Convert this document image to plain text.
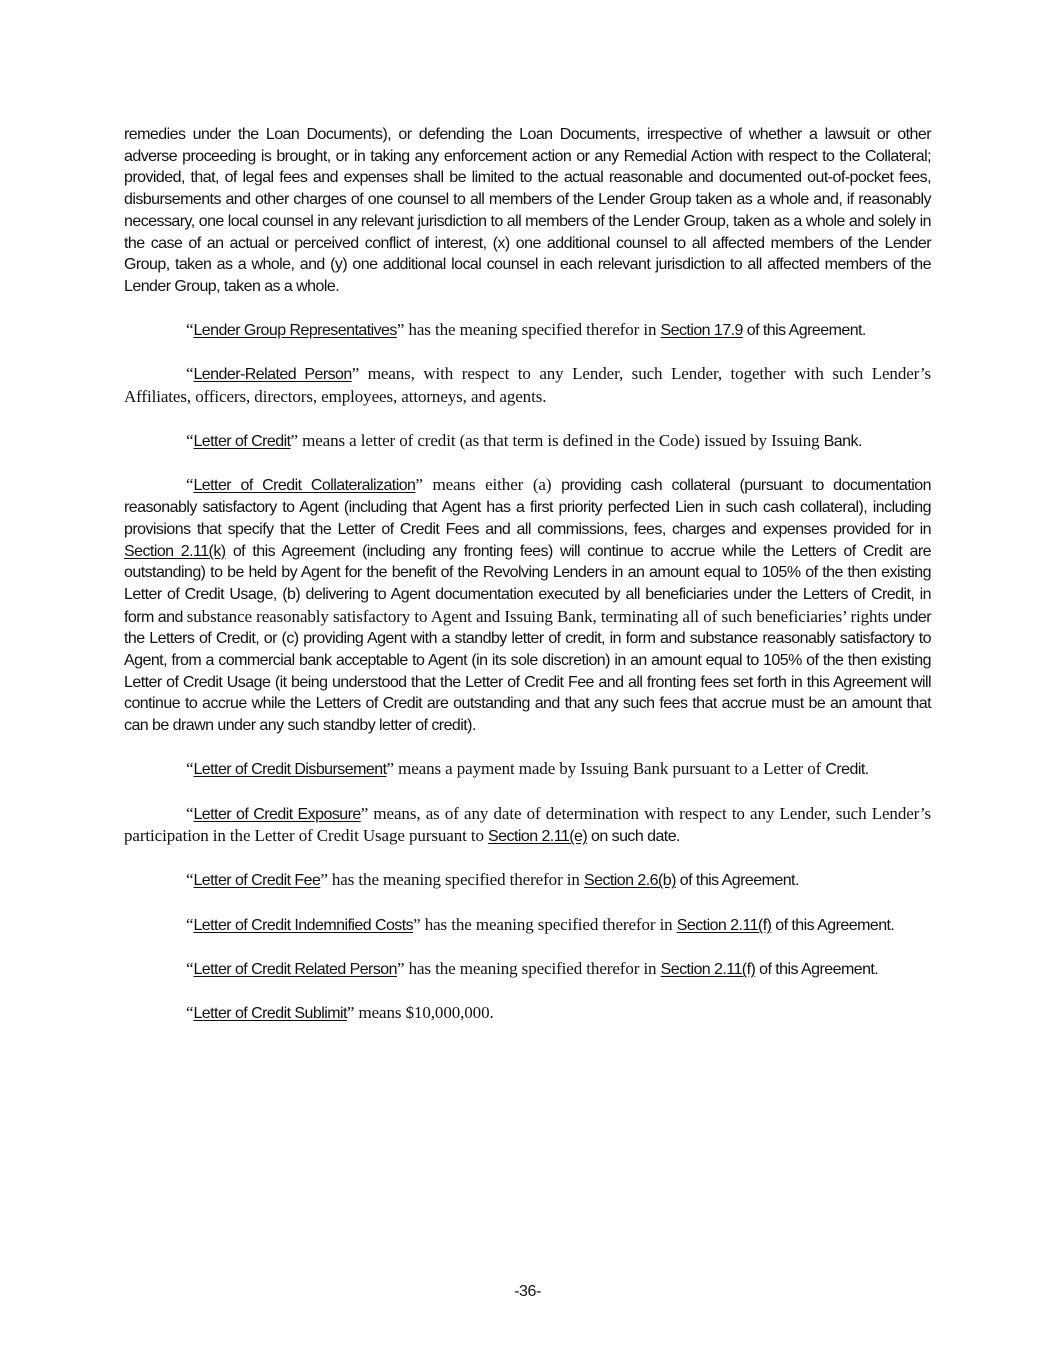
remedies under the Loan Documents), or defending the Loan Documents, irrespective of whether a lawsuit or other adverse proceeding is brought, or in taking any enforcement action or any Remedial Action with respect to the Collateral; provided, that, of legal fees and expenses shall be limited to the actual reasonable and documented out-of-pocket fees, disbursements and other charges of one counsel to all members of the Lender Group taken as a whole and, if reasonably necessary, one local counsel in any relevant jurisdiction to all members of the Lender Group, taken as a whole and solely in the case of an actual or perceived conflict of interest, (x) one additional counsel to all affected members of the Lender Group, taken as a whole, and (y) one additional local counsel in each relevant jurisdiction to all affected members of the Lender Group, taken as a whole.

“Lender Group Representatives” has the meaning specified therefor in Section 17.9 of this Agreement.

“Lender-Related Person” means, with respect to any Lender, such Lender, together with such Lender’s Affiliates, officers, directors, employees, attorneys, and agents.

“Letter of Credit” means a letter of credit (as that term is defined in the Code) issued by Issuing Bank.

“Letter of Credit Collateralization” means either (a) providing cash collateral (pursuant to documentation reasonably satisfactory to Agent (including that Agent has a first priority perfected Lien in such cash collateral), including provisions that specify that the Letter of Credit Fees and all commissions, fees, charges and expenses provided for in Section 2.11(k) of this Agreement (including any fronting fees) will continue to accrue while the Letters of Credit are outstanding) to be held by Agent for the benefit of the Revolving Lenders in an amount equal to 105% of the then existing Letter of Credit Usage, (b) delivering to Agent documentation executed by all beneficiaries under the Letters of Credit, in form and substance reasonably satisfactory to Agent and Issuing Bank, terminating all of such beneficiaries’ rights under the Letters of Credit, or (c) providing Agent with a standby letter of credit, in form and substance reasonably satisfactory to Agent, from a commercial bank acceptable to Agent (in its sole discretion) in an amount equal to 105% of the then existing Letter of Credit Usage (it being understood that the Letter of Credit Fee and all fronting fees set forth in this Agreement will continue to accrue while the Letters of Credit are outstanding and that any such fees that accrue must be an amount that can be drawn under any such standby letter of credit).

“Letter of Credit Disbursement” means a payment made by Issuing Bank pursuant to a Letter of Credit.

“Letter of Credit Exposure” means, as of any date of determination with respect to any Lender, such Lender’s participation in the Letter of Credit Usage pursuant to Section 2.11(e) on such date.

“Letter of Credit Fee” has the meaning specified therefor in Section 2.6(b) of this Agreement.

“Letter of Credit Indemnified Costs” has the meaning specified therefor in Section 2.11(f) of this Agreement.

“Letter of Credit Related Person” has the meaning specified therefor in Section 2.11(f) of this Agreement.

“Letter of Credit Sublimit” means $10,000,000.

-36-
